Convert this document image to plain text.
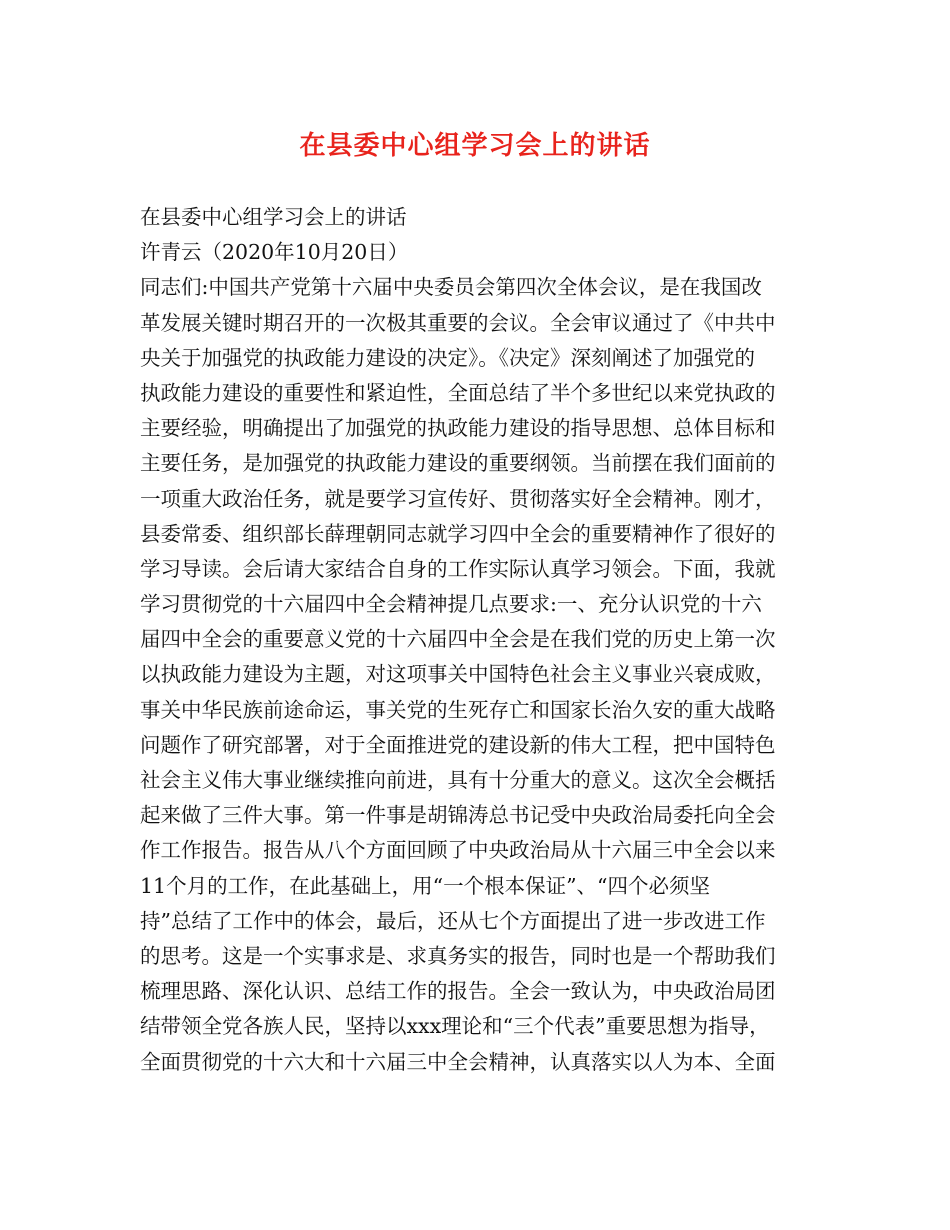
在县委中心组学习会上的讲话
在县委中心组学习会上的讲话
许青云（2020年10月20日）
同志们:中国共产党第十六届中央委员会第四次全体会议，是在我国改
革发展关键时期召开的一次极其重要的会议。全会审议通过了《中共中
央关于加强党的执政能力建设的决定》。《决定》深刻阐述了加强党的
执政能力建设的重要性和紧迫性，全面总结了半个多世纪以来党执政的
主要经验，明确提出了加强党的执政能力建设的指导思想、总体目标和
主要任务，是加强党的执政能力建设的重要纲领。当前摆在我们面前的
一项重大政治任务，就是要学习宣传好、贯彻落实好全会精神。刚才，
县委常委、组织部长薛理朝同志就学习四中全会的重要精神作了很好的
学习导读。会后请大家结合自身的工作实际认真学习领会。下面，我就
学习贯彻党的十六届四中全会精神提几点要求:一、充分认识党的十六
届四中全会的重要意义党的十六届四中全会是在我们党的历史上第一次
以执政能力建设为主题，对这项事关中国特色社会主义事业兴衰成败，
事关中华民族前途命运，事关党的生死存亡和国家长治久安的重大战略
问题作了研究部署，对于全面推进党的建设新的伟大工程，把中国特色
社会主义伟大事业继续推向前进，具有十分重大的意义。这次全会概括
起来做了三件大事。第一件事是胡锦涛总书记受中央政治局委托向全会
作工作报告。报告从八个方面回顾了中央政治局从十六届三中全会以来
11个月的工作，在此基础上，用“一个根本保证”、“四个必须坚
持”总结了工作中的体会，最后，还从七个方面提出了进一步改进工作
的思考。这是一个实事求是、求真务实的报告，同时也是一个帮助我们
梳理思路、深化认识、总结工作的报告。全会一致认为，中央政治局团
结带领全党各族人民，坚持以xxx理论和“三个代表”重要思想为指导，
全面贯彻党的十六大和十六届三中全会精神，认真落实以人为本、全面
